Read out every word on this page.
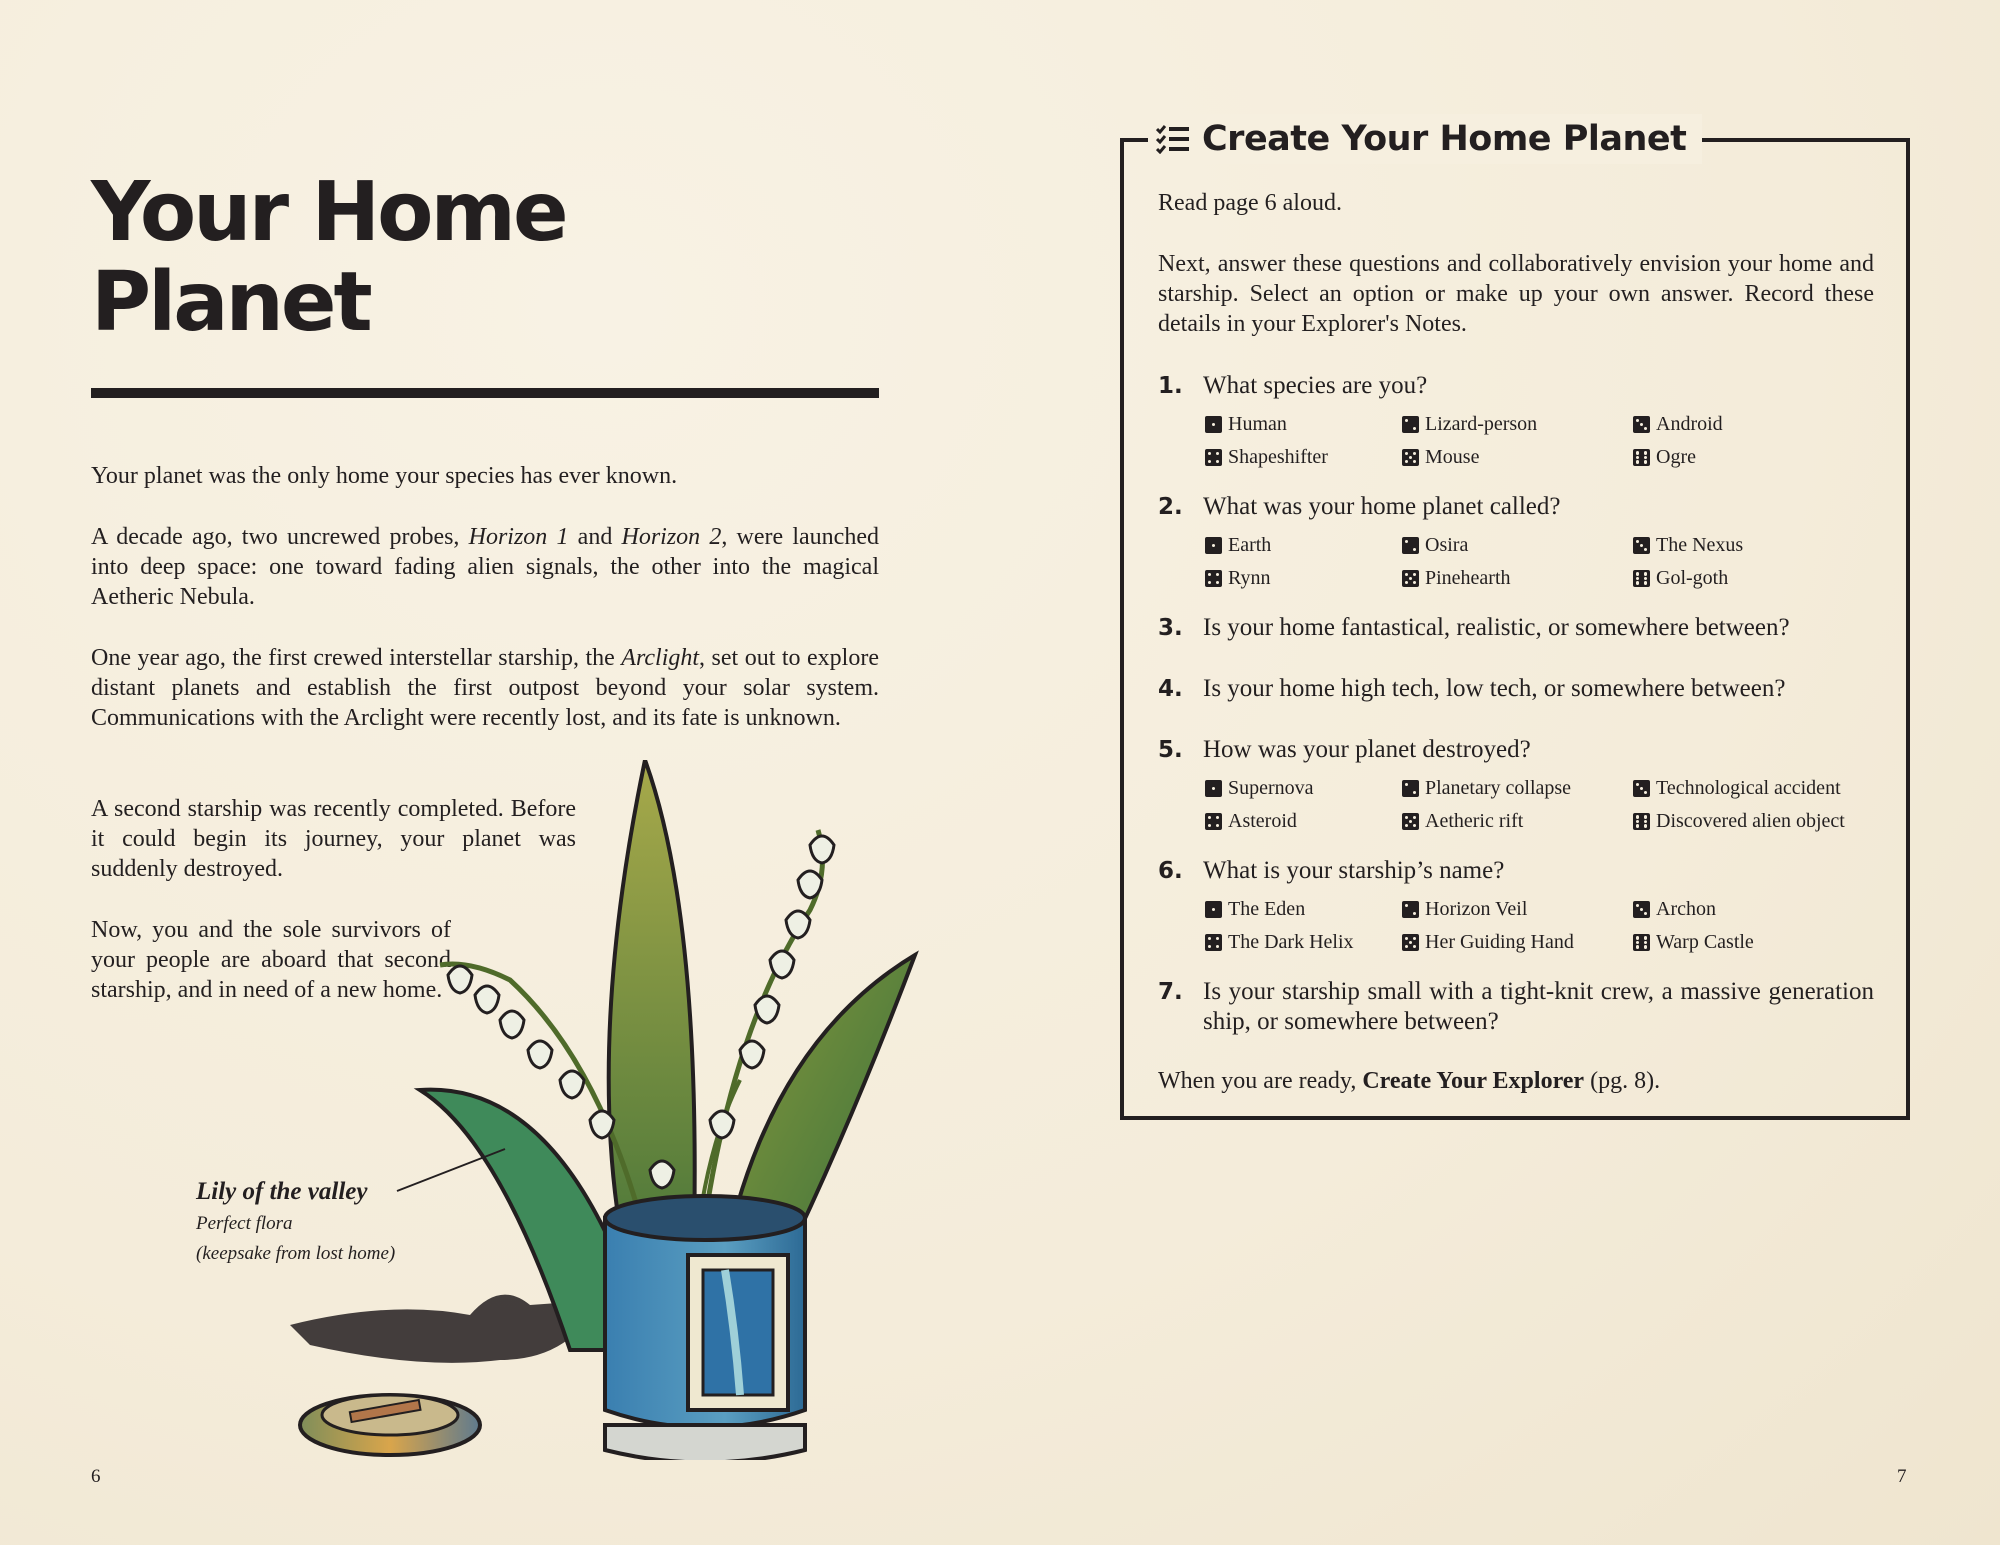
Your Home
Planet

Your planet was the only home your species has ever known.

A decade ago, two uncrewed probes, Horizon 1 and Horizon 2, were launched into deep space: one toward fading alien signals, the other into the magical Aetheric Nebula.

One year ago, the first crewed interstellar starship, the Arclight, set out to explore distant planets and establish the first outpost beyond your solar system. Communications with the Arclight were recently lost, and its fate is unknown.

A second starship was recently completed. Before it could begin its journey, your planet was suddenly destroyed.

Now, you and the sole survivors of your people are aboard that second starship, and in need of a new home.

Lily of the valley
Perfect flora
(keepsake from lost home)
6
Create Your Home Planet

Read page 6 aloud.

Next, answer these questions and collaboratively envision your home and starship. Select an option or make up your own answer. Record these details in your Explorer's Notes.

1. What species are you?
Human	Lizard-person	Android
Shapeshifter	Mouse	Ogre
2. What was your home planet called?
Earth	Osira	The Nexus
Rynn	Pinehearth	Gol-goth
3. Is your home fantastical, realistic, or somewhere between?
4. Is your home high tech, low tech, or somewhere between?
5. How was your planet destroyed?
Supernova	Planetary collapse	Technological accident
Asteroid	Aetheric rift	Discovered alien object
6. What is your starship’s name?
The Eden	Horizon Veil	Archon
The Dark Helix	Her Guiding Hand	Warp Castle
7. Is your starship small with a tight-knit crew, a massive generation ship, or somewhere between?

When you are ready, Create Your Explorer (pg. 8).

7
